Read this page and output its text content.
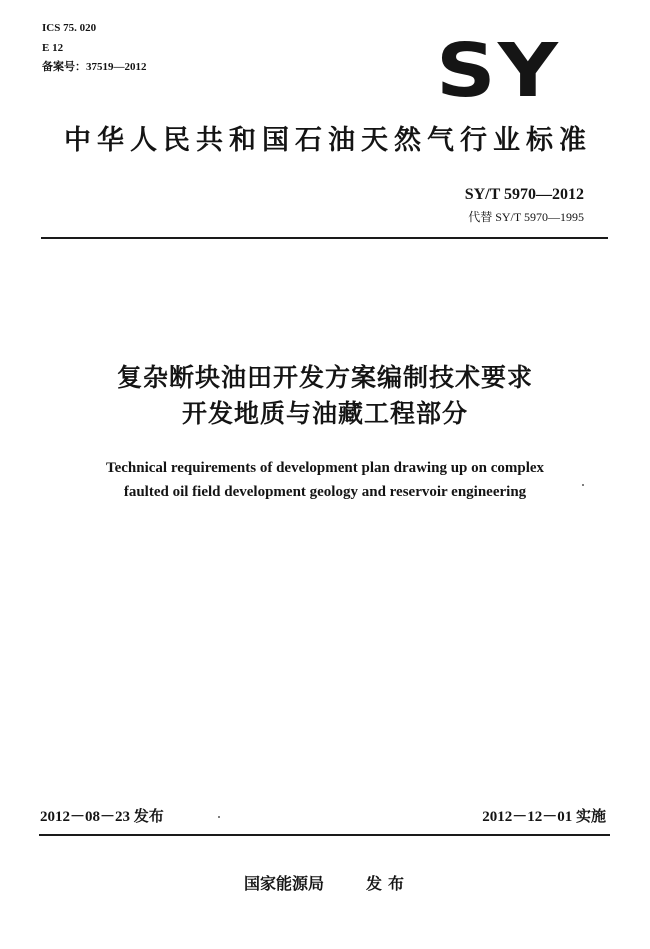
ICS 75. 020
E 12
备案号：37519—2012	SY
中华人民共和国石油天然气行业标准
SY/T 5970—2012
代替 SY/T 5970—1995
复杂断块油田开发方案编制技术要求
开发地质与油藏工程部分
Technical requirements of development plan drawing up on complex
faulted oil field development geology and reservoir engineering
2012－08－23 发布	2012－12－01 实施
国家能源局	发布
